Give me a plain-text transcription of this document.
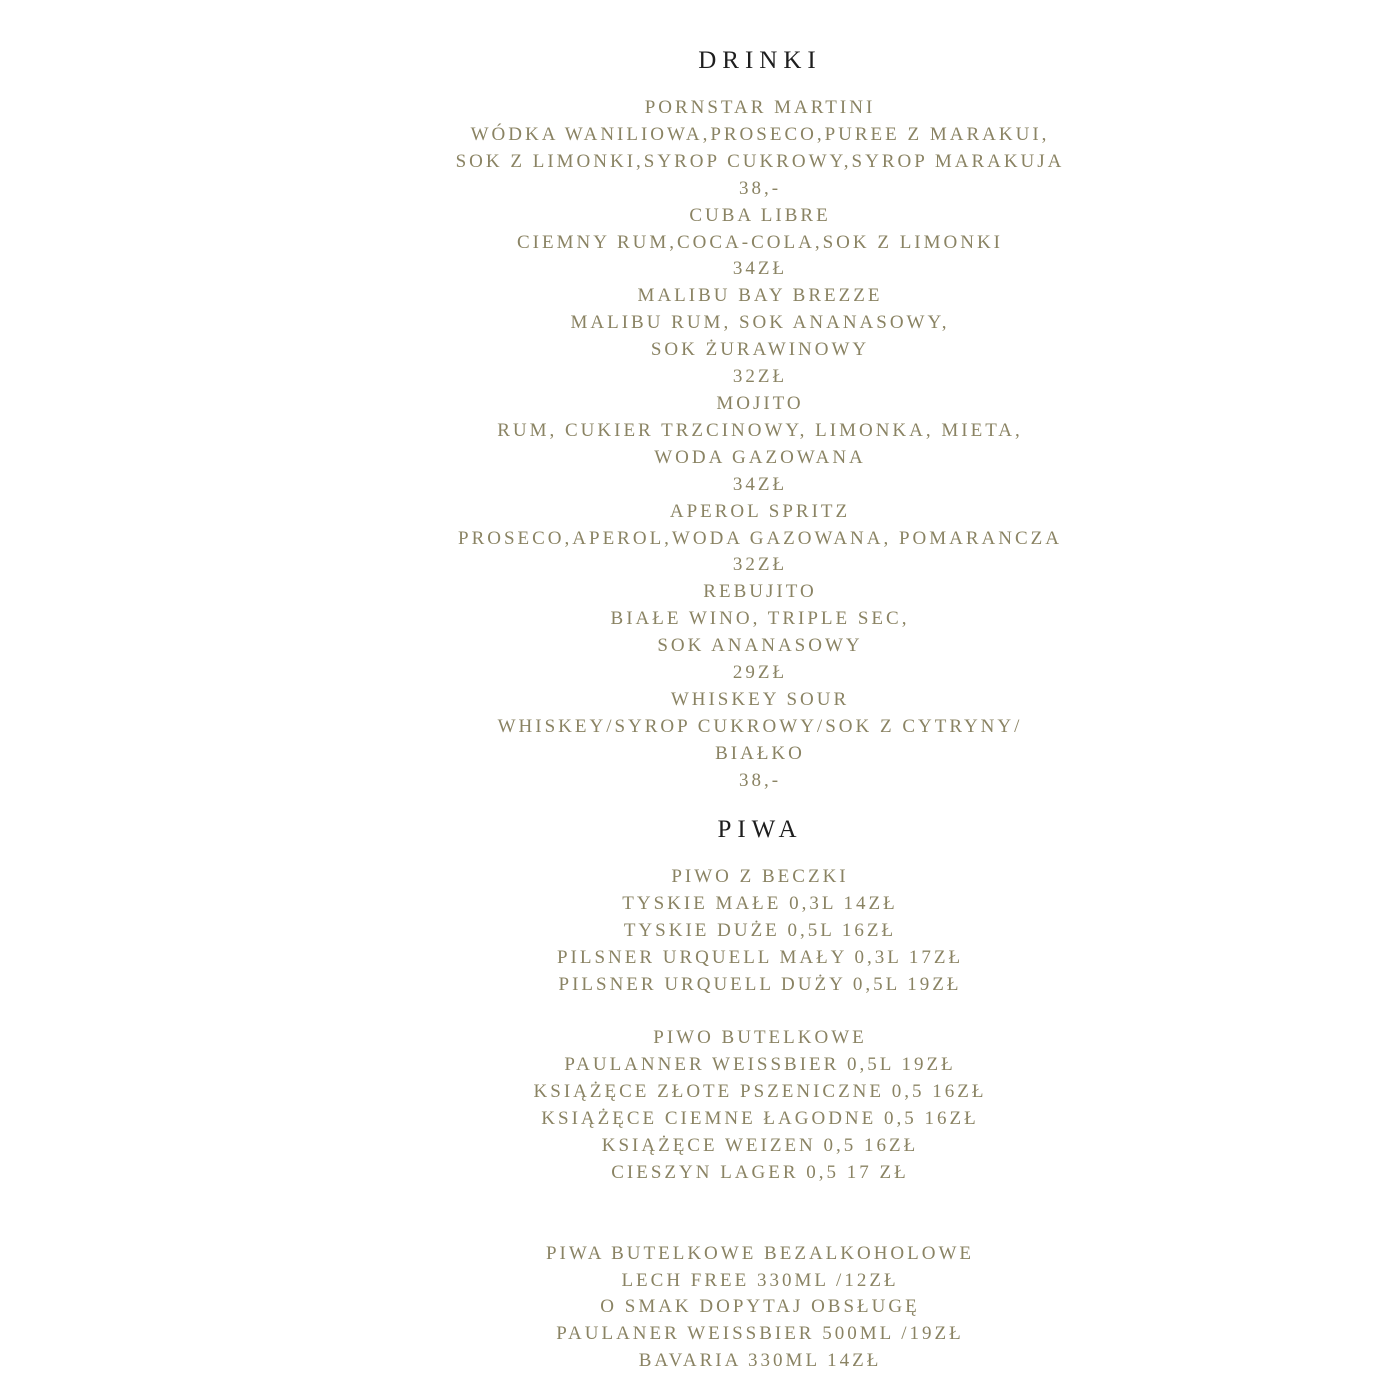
DRINKI
PORNSTAR MARTINI
WÓDKA WANILIOWA,PROSECO,PUREE Z MARAKUI,
SOK Z LIMONKI,SYROP CUKROWY,SYROP MARAKUJA
38,-
CUBA LIBRE
CIEMNY RUM,COCA-COLA,SOK Z LIMONKI
34ZŁ
MALIBU BAY BREZZE
MALIBU RUM, SOK ANANASOWY,
SOK ŻURAWINOWY
32ZŁ
MOJITO
RUM, CUKIER TRZCINOWY, LIMONKA, MIETA,
WODA GAZOWANA
34ZŁ
APEROL SPRITZ
PROSECO,APEROL,WODA GAZOWANA, POMARANCZA
32ZŁ
REBUJITO
BIAŁE WINO, TRIPLE SEC,
SOK ANANASOWY
29ZŁ
WHISKEY SOUR
WHISKEY/SYROP CUKROWY/SOK Z CYTRYNY/
BIAŁKO
38,-
PIWA
PIWO Z BECZKI
TYSKIE MAŁE 0,3L 14ZŁ
TYSKIE DUŻE 0,5L 16ZŁ
PILSNER URQUELL MAŁY 0,3L 17ZŁ
PILSNER URQUELL DUŻY 0,5L 19ZŁ
PIWO BUTELKOWE
PAULANNER WEISSBIER 0,5L 19ZŁ
KSIĄŻĘCE ZŁOTE PSZENICZNE 0,5 16ZŁ
KSIĄŻĘCE CIEMNE ŁAGODNE 0,5 16ZŁ
KSIĄŻĘCE WEIZEN 0,5 16ZŁ
CIESZYN LAGER 0,5 17 ZŁ
PIWA BUTELKOWE BEZALKOHOLOWE
LECH FREE 330ML /12ZŁ
O SMAK DOPYTAJ OBSŁUGĘ
PAULANER WEISSBIER 500ML /19ZŁ
BAVARIA 330ML 14ZŁ
